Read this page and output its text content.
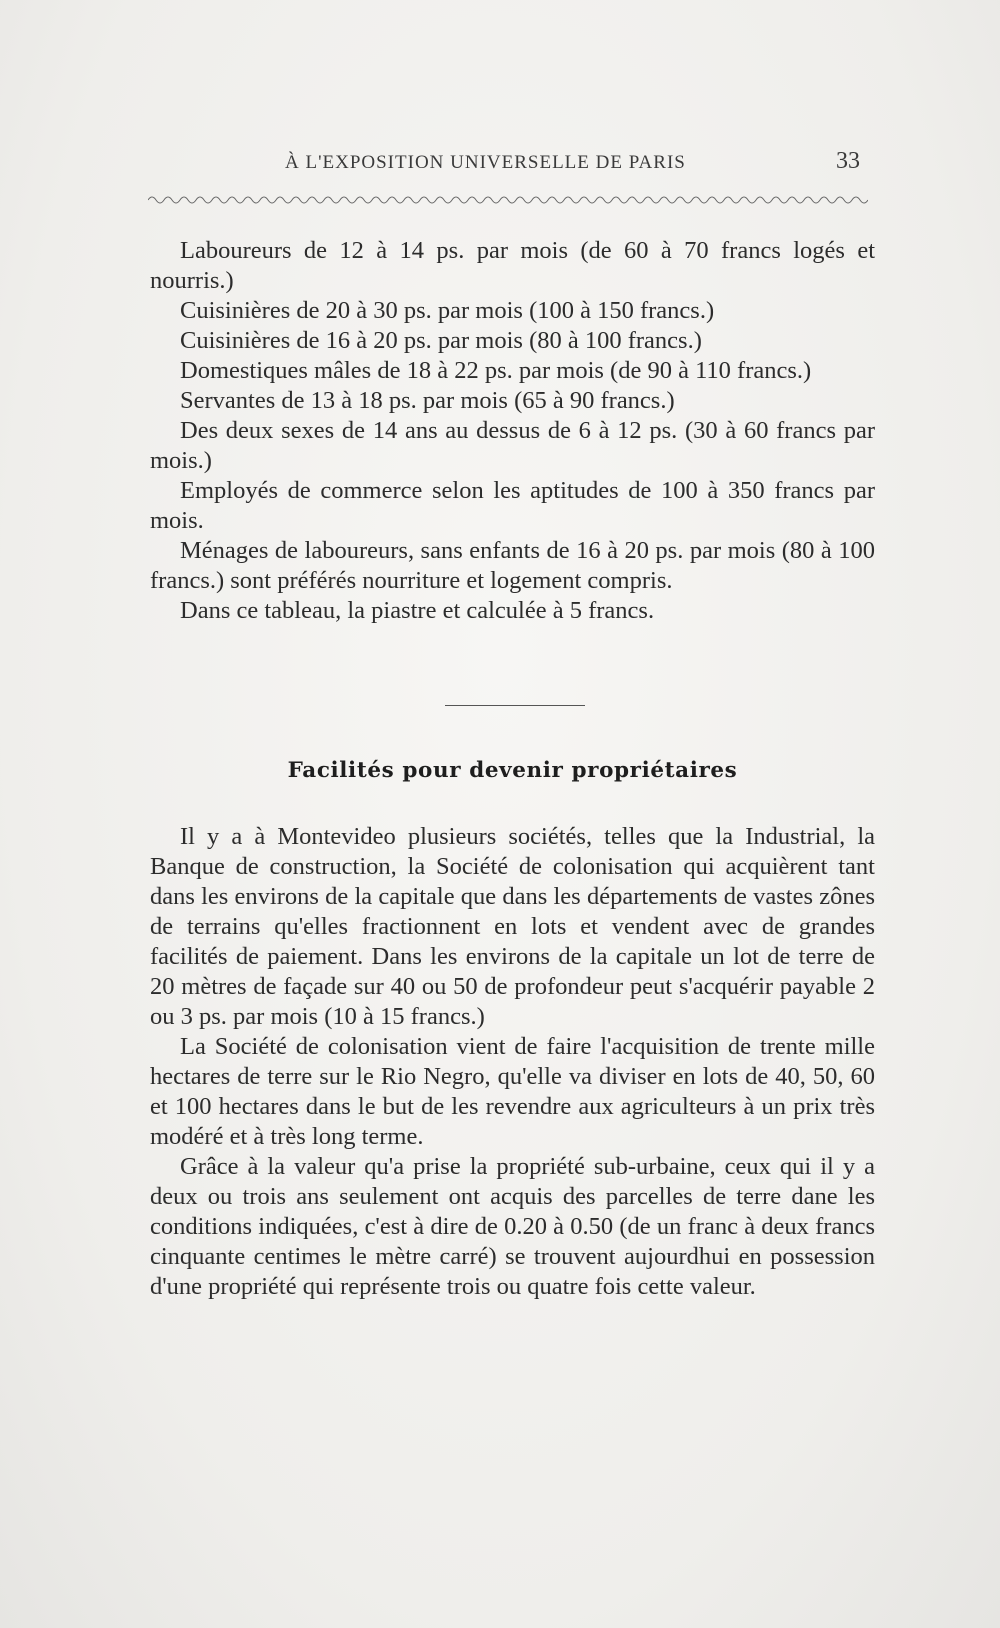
À L'EXPOSITION UNIVERSELLE DE PARIS	33

Laboureurs de 12 à 14 ps. par mois (de 60 à 70 francs logés et nourris.)

Cuisinières de 20 à 30 ps. par mois (100 à 150 francs.)

Cuisinières de 16 à 20 ps. par mois (80 à 100 francs.)

Domestiques mâles de 18 à 22 ps. par mois (de 90 à 110 francs.)

Servantes de 13 à 18 ps. par mois (65 à 90 francs.)

Des deux sexes de 14 ans au dessus de 6 à 12 ps. (30 à 60 francs par mois.)

Employés de commerce selon les aptitudes de 100 à 350 francs par mois.

Ménages de laboureurs, sans enfants de 16 à 20 ps. par mois (80 à 100 francs.) sont préférés nourriture et logement compris.

Dans ce tableau, la piastre et calculée à 5 francs.

Facilités pour devenir propriétaires

Il y a à Montevideo plusieurs sociétés, telles que la Industrial, la Banque de construction, la Société de colonisation qui acquièrent tant dans les environs de la capitale que dans les départements de vastes zônes de terrains qu'elles fractionnent en lots et vendent avec de grandes facilités de paiement. Dans les environs de la capitale un lot de terre de 20 mètres de façade sur 40 ou 50 de profondeur peut s'acquérir payable 2 ou 3 ps. par mois (10 à 15 francs.)

La Société de colonisation vient de faire l'acquisition de trente mille hectares de terre sur le Rio Negro, qu'elle va diviser en lots de 40, 50, 60 et 100 hectares dans le but de les revendre aux agriculteurs à un prix très modéré et à très long terme.

Grâce à la valeur qu'a prise la propriété sub-urbaine, ceux qui il y a deux ou trois ans seulement ont acquis des parcelles de terre dane les conditions indiquées, c'est à dire de 0.20 à 0.50 (de un franc à deux francs cinquante centimes le mètre carré) se trouvent aujourdhui en possession d'une propriété qui représente trois ou quatre fois cette valeur.
